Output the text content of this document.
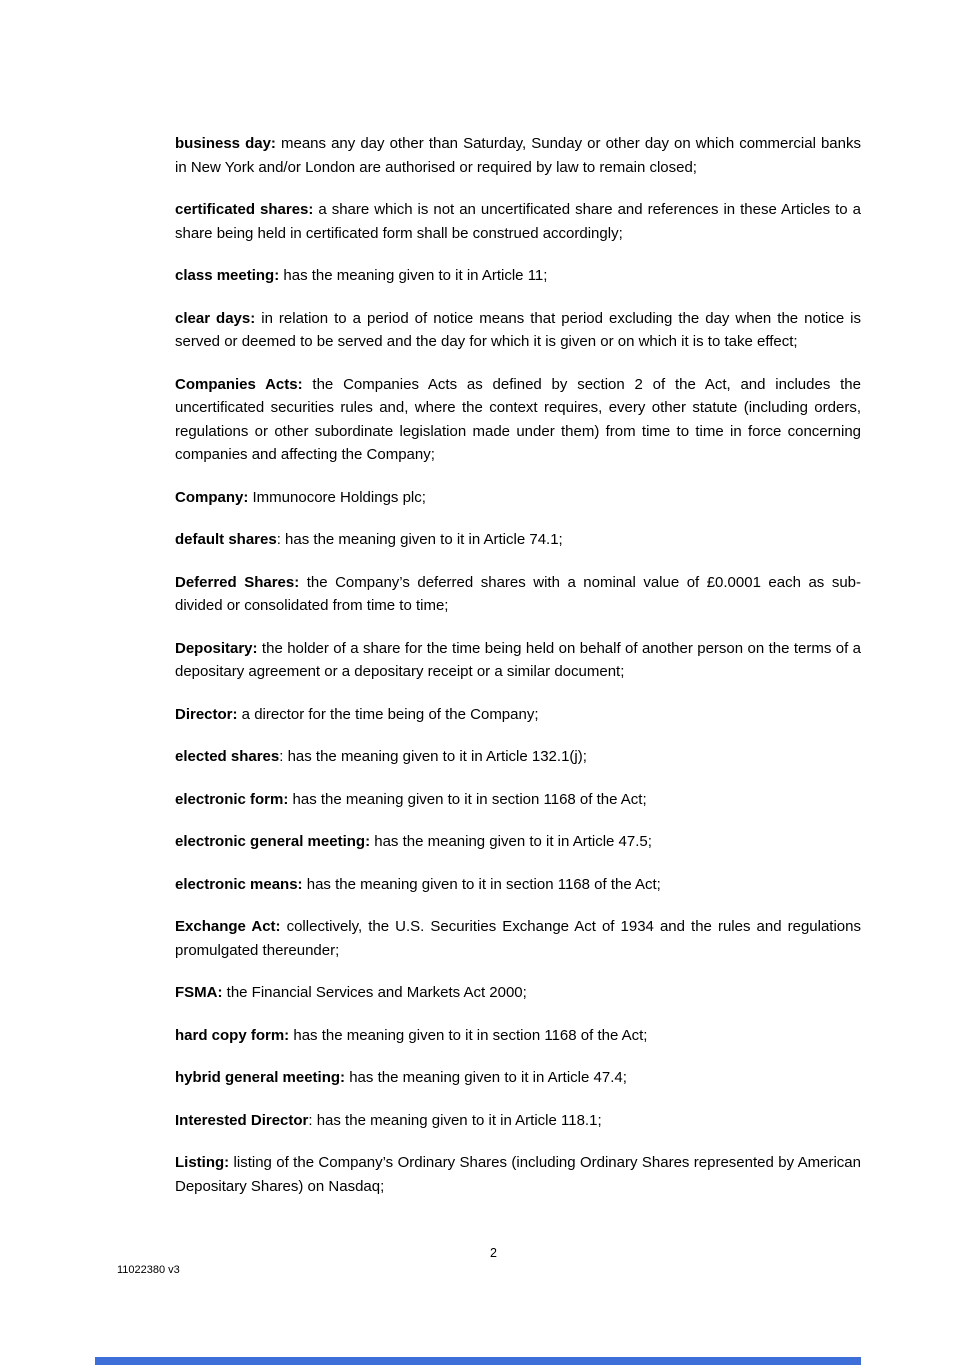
business day: means any day other than Saturday, Sunday or other day on which commercial banks in New York and/or London are authorised or required by law to remain closed;

certificated shares: a share which is not an uncertificated share and references in these Articles to a share being held in certificated form shall be construed accordingly;

class meeting: has the meaning given to it in Article 11;

clear days: in relation to a period of notice means that period excluding the day when the notice is served or deemed to be served and the day for which it is given or on which it is to take effect;

Companies Acts: the Companies Acts as defined by section 2 of the Act, and includes the uncertificated securities rules and, where the context requires, every other statute (including orders, regulations or other subordinate legislation made under them) from time to time in force concerning companies and affecting the Company;

Company: Immunocore Holdings plc;

default shares: has the meaning given to it in Article 74.1;

Deferred Shares: the Company’s deferred shares with a nominal value of £0.0001 each as sub-divided or consolidated from time to time;

Depositary: the holder of a share for the time being held on behalf of another person on the terms of a depositary agreement or a depositary receipt or a similar document;

Director: a director for the time being of the Company;

elected shares: has the meaning given to it in Article 132.1(j);

electronic form: has the meaning given to it in section 1168 of the Act;

electronic general meeting: has the meaning given to it in Article 47.5;

electronic means: has the meaning given to it in section 1168 of the Act;

Exchange Act: collectively, the U.S. Securities Exchange Act of 1934 and the rules and regulations promulgated thereunder;

FSMA: the Financial Services and Markets Act 2000;

hard copy form: has the meaning given to it in section 1168 of the Act;

hybrid general meeting: has the meaning given to it in Article 47.4;

Interested Director: has the meaning given to it in Article 118.1;

Listing: listing of the Company’s Ordinary Shares (including Ordinary Shares represented by American Depositary Shares) on Nasdaq;

2
11022380 v3
